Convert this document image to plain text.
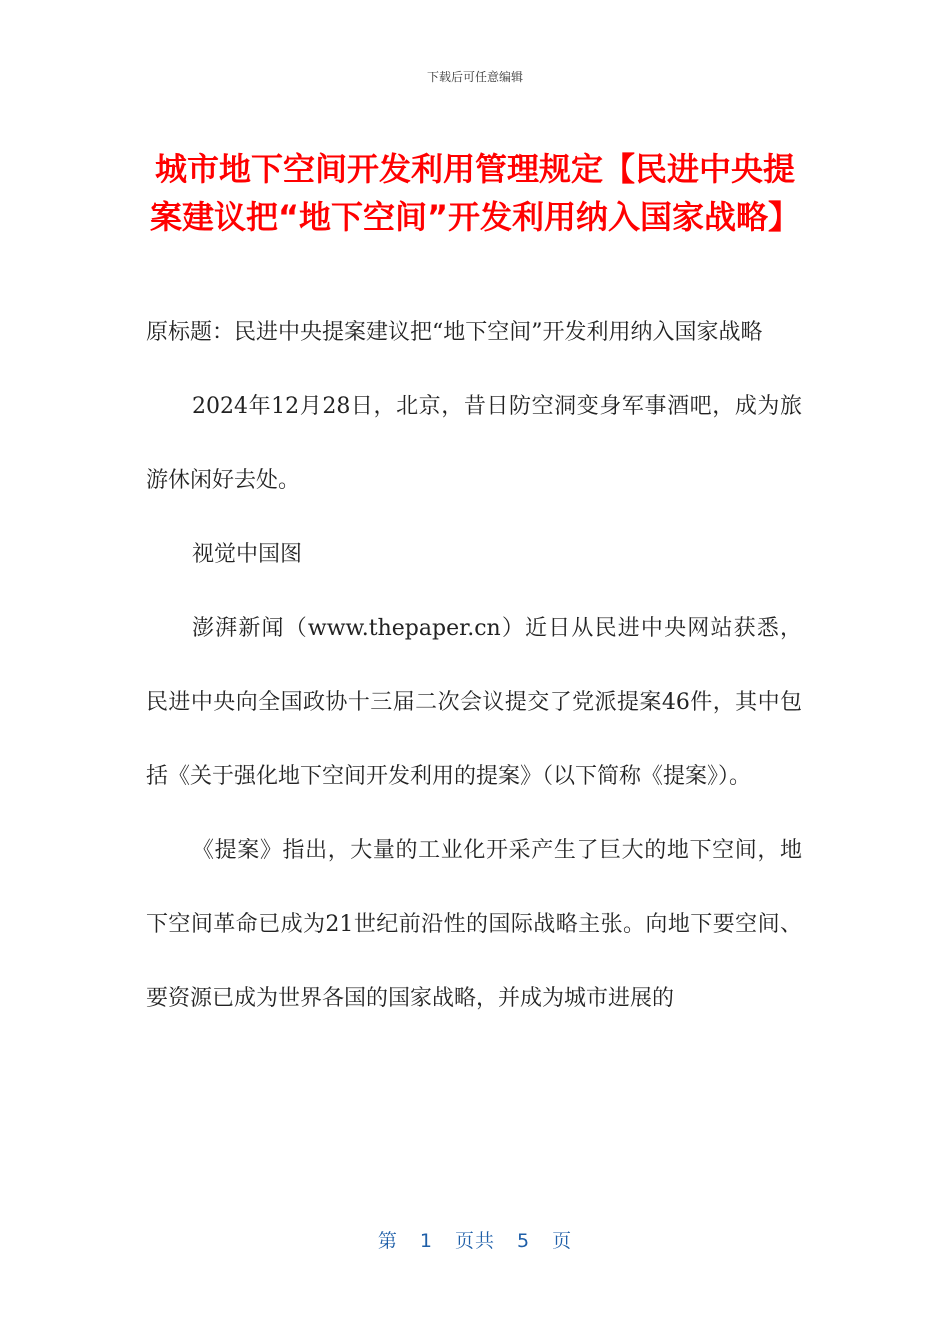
下载后可任意编辑
城市地下空间开发利用管理规定【民进中央提案建议把“地下空间”开发利用纳入国家战略】

原标题：民进中央提案建议把“地下空间”开发利用纳入国家战略

2024年12月28日，北京，昔日防空洞变身军事酒吧，成为旅游休闲好去处。

视觉中国图

澎湃新闻（www.thepaper.cn）近日从民进中央网站获悉，民进中央向全国政协十三届二次会议提交了党派提案46件，其中包括《关于强化地下空间开发利用的提案》（以下简称《提案》）。

《提案》指出，大量的工业化开采产生了巨大的地下空间，地下空间革命已成为21世纪前沿性的国际战略主张。向地下要空间、要资源已成为世界各国的国家战略，并成为城市进展的

第 1 页共 5 页
